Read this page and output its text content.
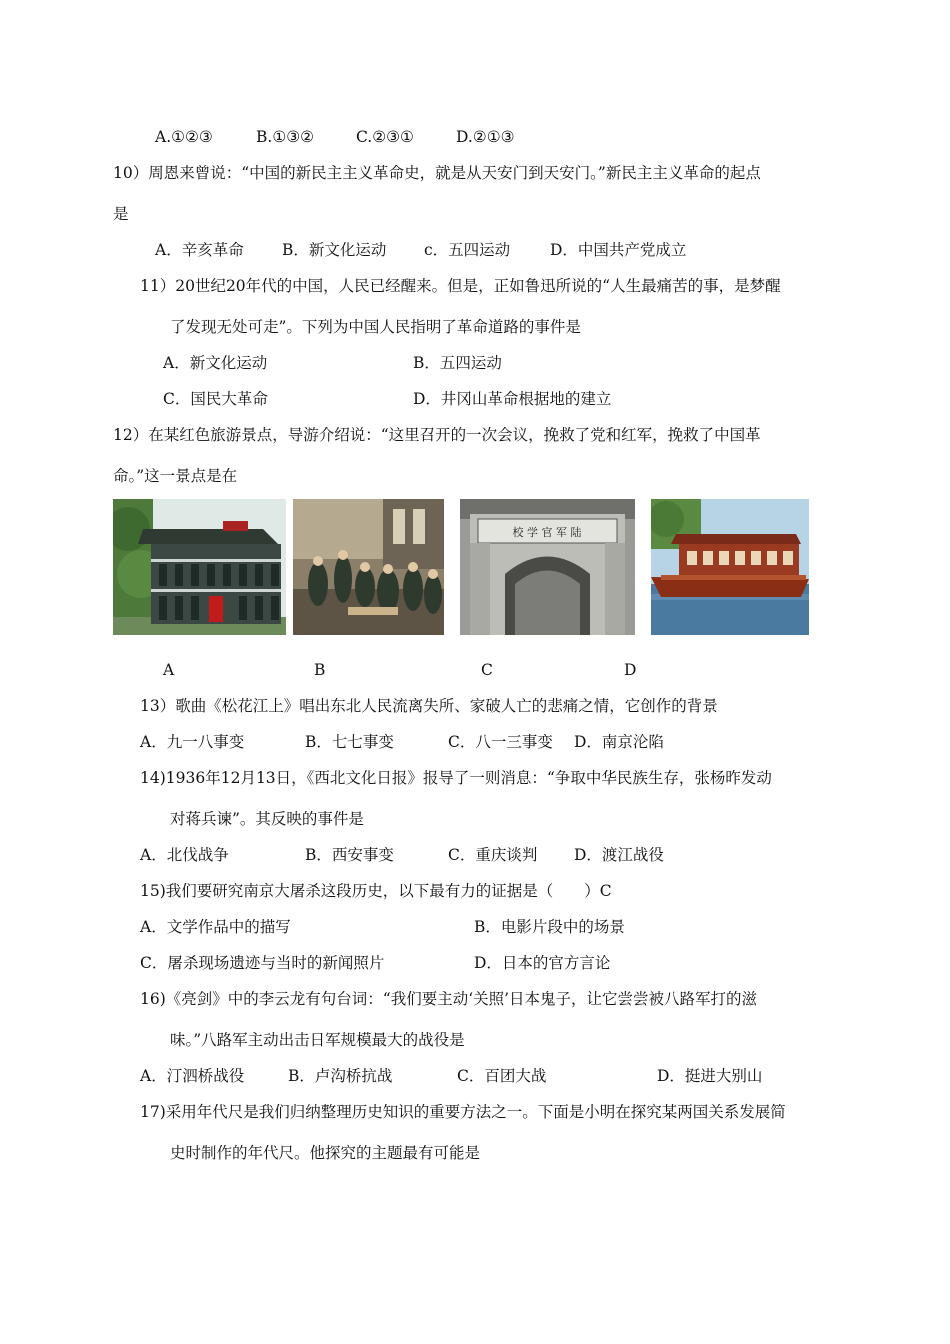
A.①②③	B.①③②	C.②③①	D.②①③
10）周恩来曾说：“中国的新民主主义革命史，就是从天安门到天安门。”新民主主义革命的起点
是
A．辛亥革命 B．新文化运动 c．五四运动	D．中国共产党成立
11）20世纪20年代的中国，人民已经醒来。但是，正如鲁迅所说的“人生最痛苦的事，是梦醒
了发现无处可走”。下列为中国人民指明了革命道路的事件是
A．新文化运动	B．五四运动
C．国民大革命	D．井冈山革命根据地的建立
12）在某红色旅游景点，导游介绍说：“这里召开的一次会议，挽救了党和红军，挽救了中国革
命。”这一景点是在
校 学 官 军 陆
A	B	C	D
13）歌曲《松花江上》唱出东北人民流离失所、家破人亡的悲痛之情，它创作的背景
A．九一八事变	B．七七事变	C．八一三事变 D．南京沦陷
14)1936年12月13日，《西北文化日报》报导了一则消息：“争取中华民族生存，张杨昨发动
对蒋兵谏”。其反映的事件是
A．北伐战争	B．西安事变	C．重庆谈判 D．渡江战役
15)我们要研究南京大屠杀这段历史，以下最有力的证据是（　　）C
A．文学作品中的描写	B．电影片段中的场景
C．屠杀现场遗迹与当时的新闻照片	D．日本的官方言论
16)《亮剑》中的李云龙有句台词：“我们要主动‘关照’日本鬼子，让它尝尝被八路军打的滋
味。”八路军主动出击日军规模最大的战役是
A．汀泗桥战役	B．卢沟桥抗战	C．百团大战	D．挺进大别山
17)采用年代尺是我们归纳整理历史知识的重要方法之一。下面是小明在探究某两国关系发展简
史时制作的年代尺。他探究的主题最有可能是
